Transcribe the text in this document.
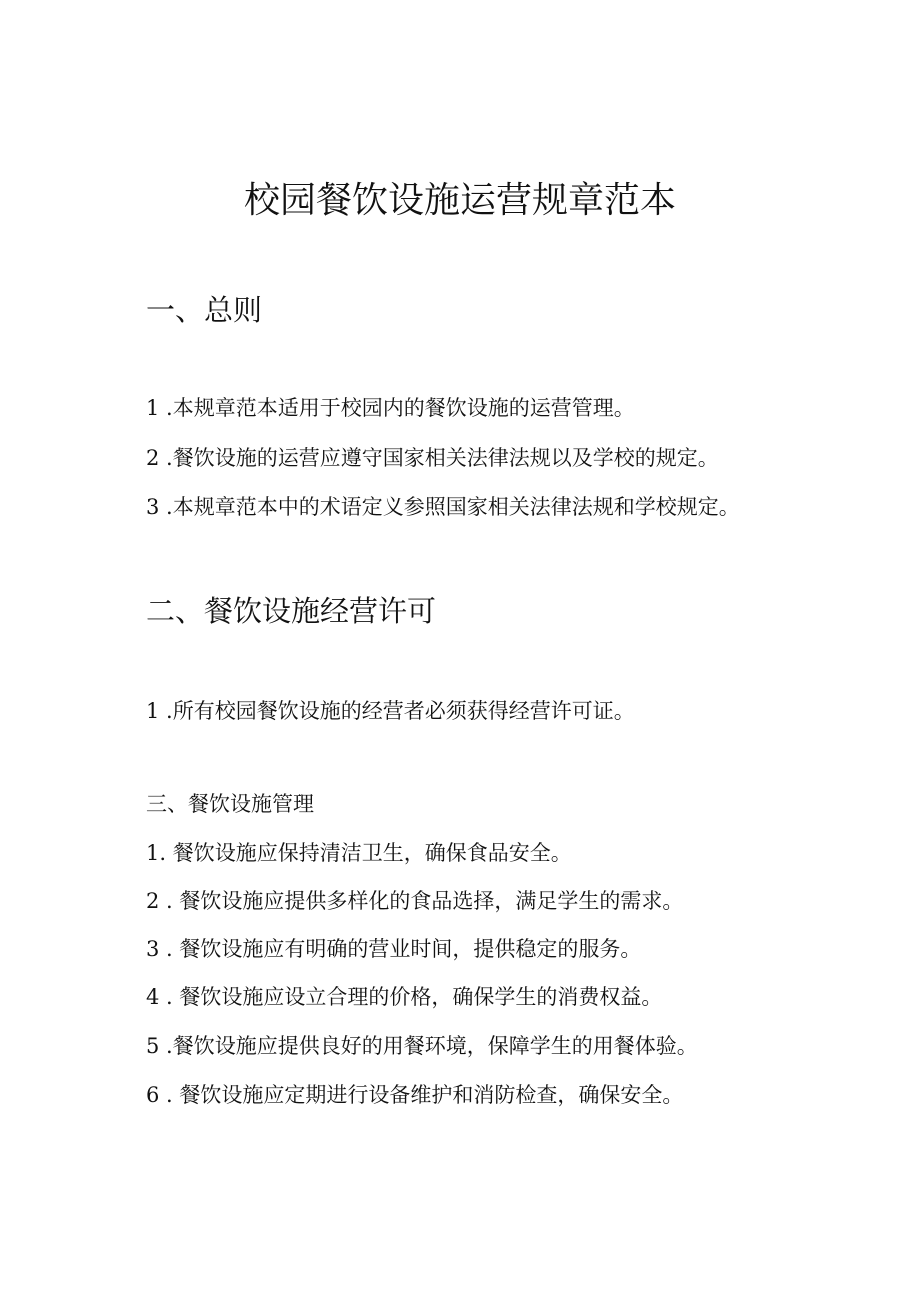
校园餐饮设施运营规章范本
一、总则

1 .本规章范本适用于校园内的餐饮设施的运营管理。

2 .餐饮设施的运营应遵守国家相关法律法规以及学校的规定。

3 .本规章范本中的术语定义参照国家相关法律法规和学校规定。

二、餐饮设施经营许可

1 .所有校园餐饮设施的经营者必须获得经营许可证。

三、餐饮设施管理

1. 餐饮设施应保持清洁卫生，确保食品安全。

2 . 餐饮设施应提供多样化的食品选择，满足学生的需求。

3 . 餐饮设施应有明确的营业时间，提供稳定的服务。

4 . 餐饮设施应设立合理的价格，确保学生的消费权益。

5 .餐饮设施应提供良好的用餐环境，保障学生的用餐体验。

6 . 餐饮设施应定期进行设备维护和消防检查，确保安全。
